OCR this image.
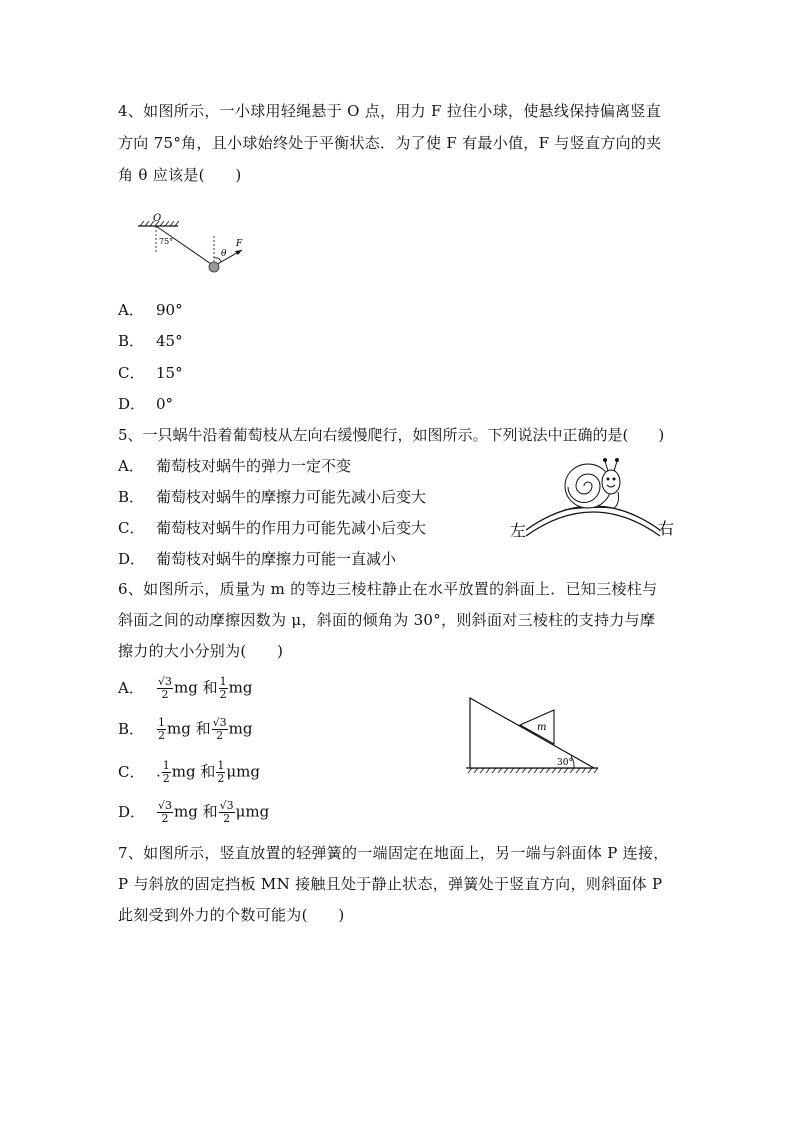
4、如图所示，一小球用轻绳悬于 O 点，用力 F 拉住小球，使悬线保持偏离竖直
方向 75°角，且小球始终处于平衡状态．为了使 F 有最小值，F 与竖直方向的夹
角 θ 应该是(　　)
O
75°
θ
F
A． 90°
B． 45°
C． 15°
D． 0°
5、一只蜗牛沿着葡萄枝从左向右缓慢爬行，如图所示。下列说法中正确的是(　　)
A． 葡萄枝对蜗牛的弹力一定不变
B． 葡萄枝对蜗牛的摩擦力可能先减小后变大
C． 葡萄枝对蜗牛的作用力可能先减小后变大
D． 葡萄枝对蜗牛的摩擦力可能一直减小
左	右
6、如图所示，质量为 m 的等边三棱柱静止在水平放置的斜面上．已知三棱柱与
斜面之间的动摩擦因数为 μ，斜面的倾角为 30°，则斜面对三棱柱的支持力与摩
擦力的大小分别为(　　)
A． $\frac{√3}{2}$ mg 和 $\frac{1}{2}$ mg
B． $\frac{1}{2}$ mg 和 $\frac{√3}{2}$ mg
C． . $\frac{1}{2}$ mg 和 $\frac{1}{2}$ μmg
D． $\frac{√3}{2}$ mg 和 $\frac{√3}{2}$ μmg
m
30°
7、如图所示，竖直放置的轻弹簧的一端固定在地面上，另一端与斜面体 P 连接，
P 与斜放的固定挡板 MN 接触且处于静止状态，弹簧处于竖直方向，则斜面体 P
此刻受到外力的个数可能为(　　)
